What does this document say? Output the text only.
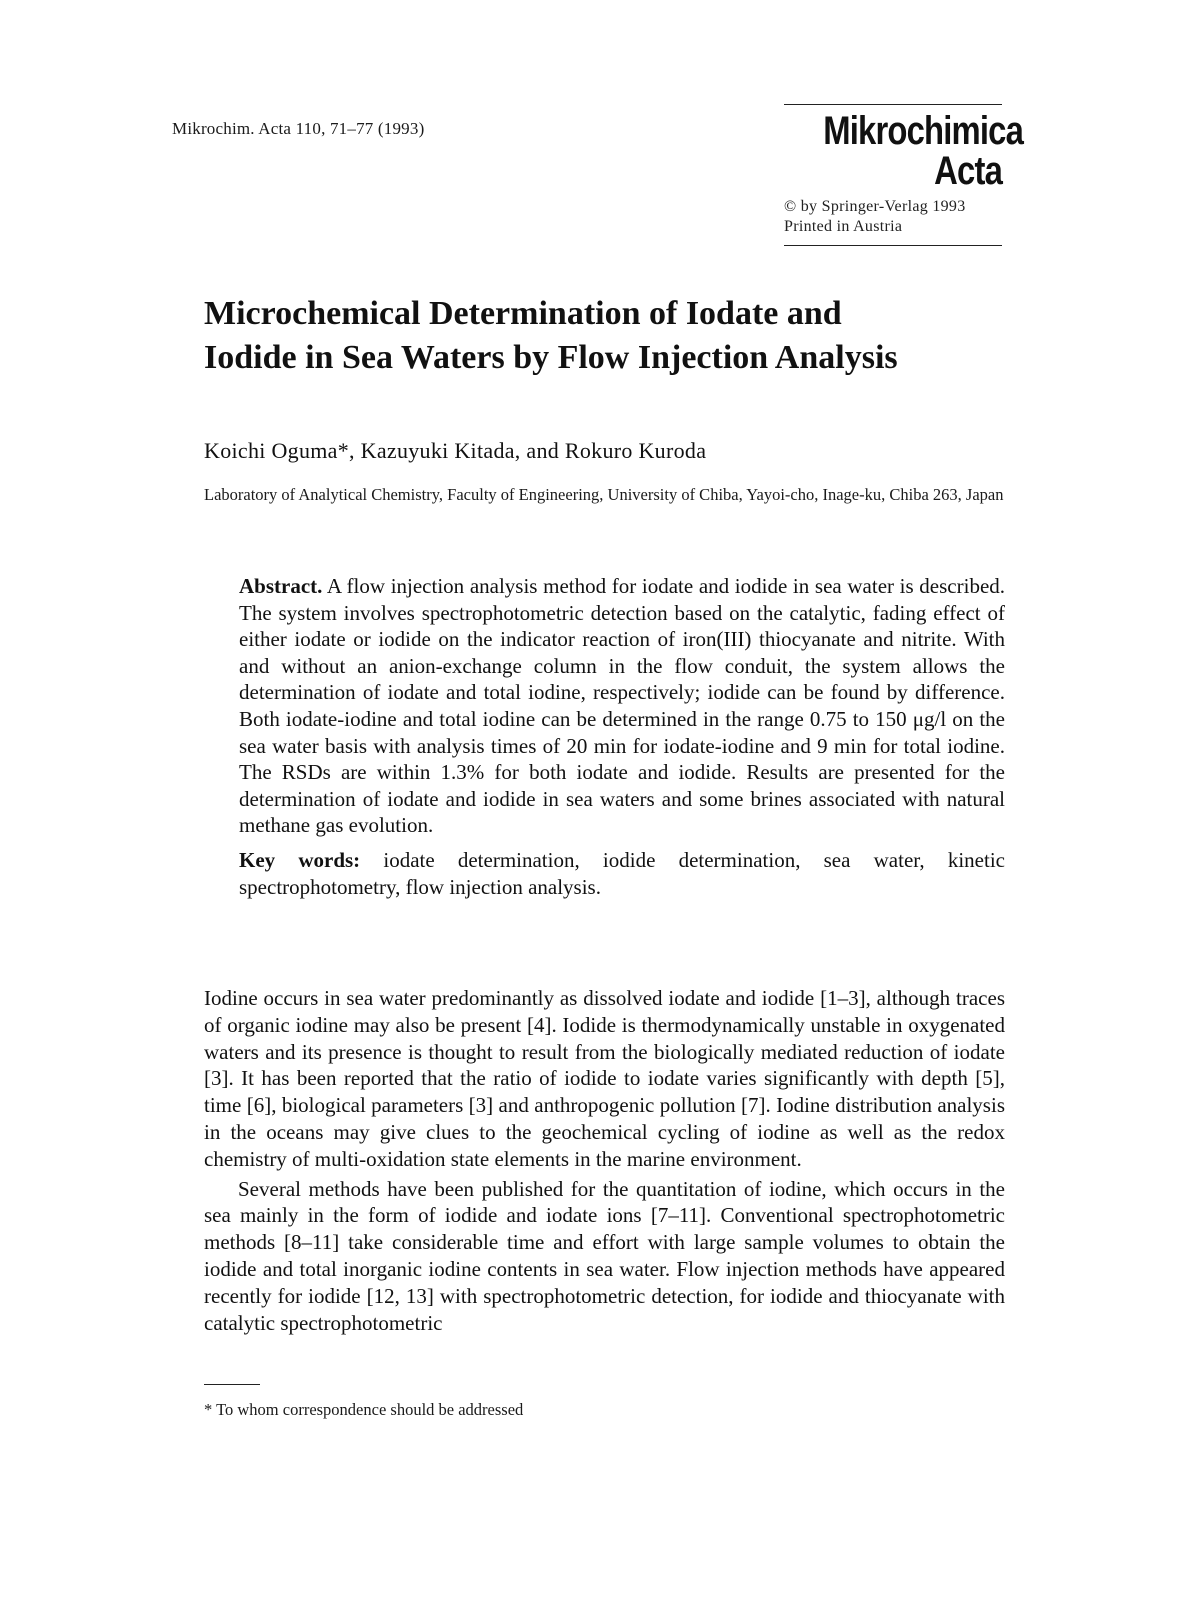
Mikrochim. Acta 110, 71–77 (1993)	Mikrochimica
Acta
© by Springer-Verlag 1993
Printed in Austria
Microchemical Determination of Iodate and
Iodide in Sea Waters by Flow Injection Analysis
Koichi Oguma*, Kazuyuki Kitada, and Rokuro Kuroda
Laboratory of Analytical Chemistry, Faculty of Engineering, University of Chiba, Yayoi-cho, Inage-ku, Chiba 263, Japan

Abstract. A flow injection analysis method for iodate and iodide in sea water is described. The system involves spectrophotometric detection based on the catalytic, fading effect of either iodate or iodide on the indicator reaction of iron(III) thiocyanate and nitrite. With and without an anion-exchange column in the flow conduit, the system allows the determination of iodate and total iodine, respectively; iodide can be found by difference. Both iodate-iodine and total iodine can be determined in the range 0.75 to 150 μg/l on the sea water basis with analysis times of 20 min for iodate-iodine and 9 min for total iodine. The RSDs are within 1.3% for both iodate and iodide. Results are presented for the determination of iodate and iodide in sea waters and some brines associated with natural methane gas evolution.

Key words: iodate determination, iodide determination, sea water, kinetic spectrophotometry, flow injection analysis.

Iodine occurs in sea water predominantly as dissolved iodate and iodide [1–3], although traces of organic iodine may also be present [4]. Iodide is thermodynamically unstable in oxygenated waters and its presence is thought to result from the biologically mediated reduction of iodate [3]. It has been reported that the ratio of iodide to iodate varies significantly with depth [5], time [6], biological parameters [3] and anthropogenic pollution [7]. Iodine distribution analysis in the oceans may give clues to the geochemical cycling of iodine as well as the redox chemistry of multi-oxidation state elements in the marine environment.

Several methods have been published for the quantitation of iodine, which occurs in the sea mainly in the form of iodide and iodate ions [7–11]. Conventional spectrophotometric methods [8–11] take considerable time and effort with large sample volumes to obtain the iodide and total inorganic iodine contents in sea water. Flow injection methods have appeared recently for iodide [12, 13] with spectrophotometric detection, for iodide and thiocyanate with catalytic spectrophotometric

* To whom correspondence should be addressed
